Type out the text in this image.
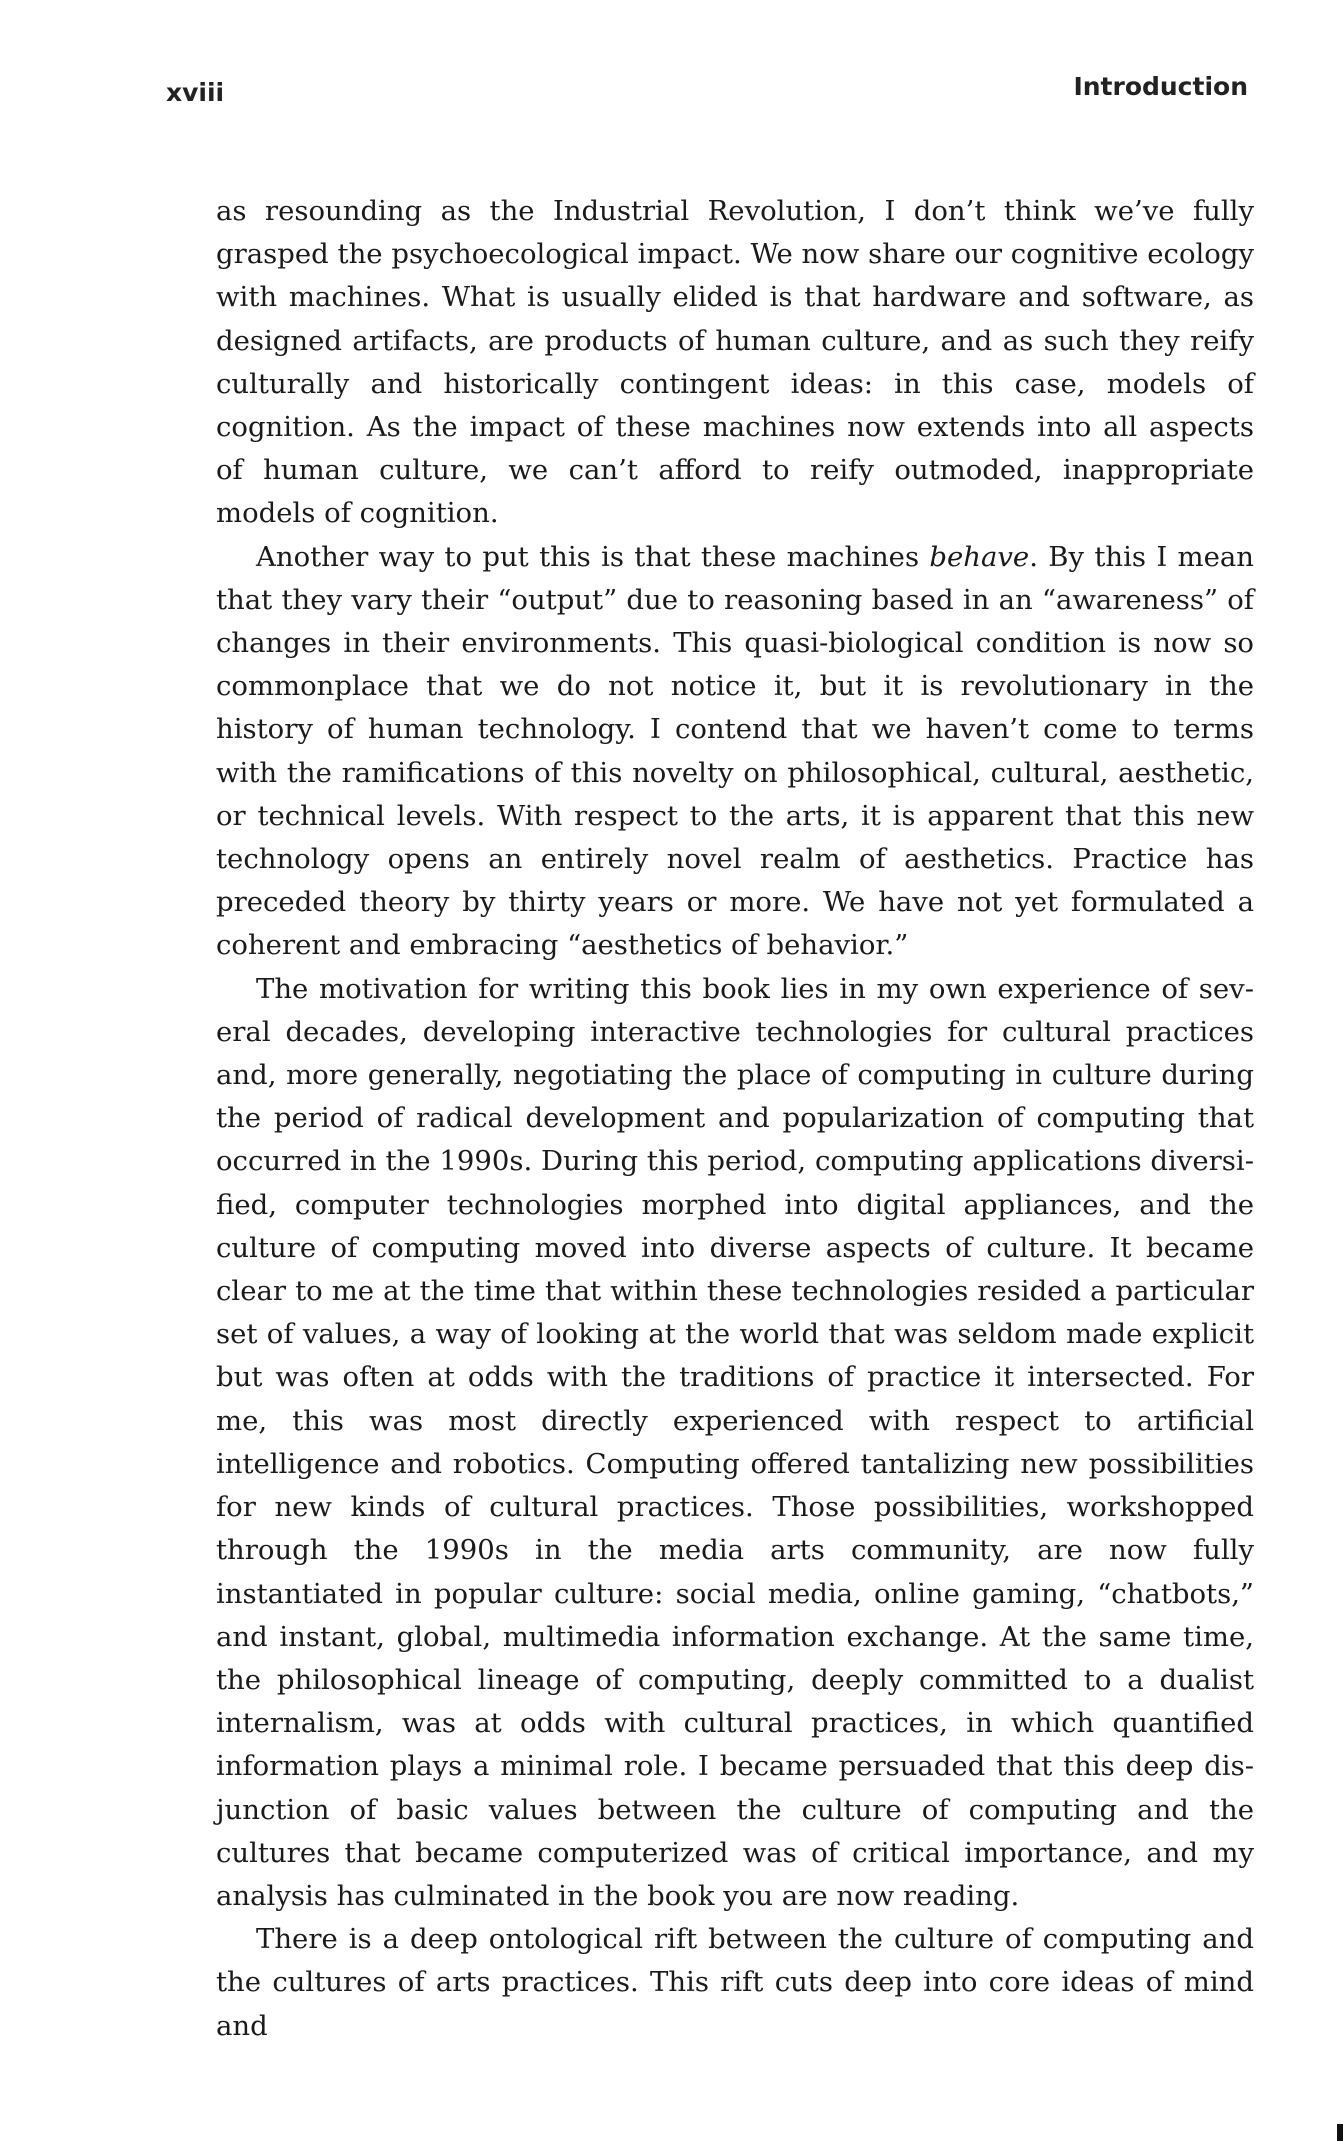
xviii	Introduction

as resounding as the Industrial Revolution, I don’t think we’ve fully grasped the psychoecological impact. We now share our cognitive ecology with machines. What is usually elided is that hardware and software, as designed artifacts, are products of human culture, and as such they reify culturally and historically contingent ideas: in this case, models of cognition. As the impact of these machines now extends into all aspects of human culture, we can’t afford to reify outmoded, inappropriate models of cognition.

Another way to put this is that these machines behave. By this I mean that they vary their “output” due to reasoning based in an “awareness” of changes in their environments. This quasi-biological condition is now so commonplace that we do not notice it, but it is revolutionary in the history of human technology. I contend that we haven’t come to terms with the ramifications of this novelty on philosophical, cultural, aesthetic, or technical levels. With respect to the arts, it is apparent that this new technology opens an entirely novel realm of aesthetics. Practice has preceded theory by thirty years or more. We have not yet formulated a coherent and embracing “aesthetics of behavior.”

The motivation for writing this book lies in my own experience of several decades, developing interactive technologies for cultural practices and, more generally, negotiating the place of computing in culture during the period of radical development and popularization of computing that occurred in the 1990s. During this period, computing applications diversified, computer technologies morphed into digital appliances, and the culture of computing moved into diverse aspects of culture. It became clear to me at the time that within these technologies resided a particular set of values, a way of looking at the world that was seldom made explicit but was often at odds with the traditions of practice it intersected. For me, this was most directly experienced with respect to artificial intelligence and robotics. Computing offered tantalizing new possibilities for new kinds of cultural practices. Those possibilities, workshopped through the 1990s in the media arts community, are now fully instantiated in popular culture: social media, online gaming, “chatbots,” and instant, global, multimedia information exchange. At the same time, the philosophical lineage of computing, deeply committed to a dualist internalism, was at odds with cultural practices, in which quantified information plays a minimal role. I became persuaded that this deep disjunction of basic values between the culture of computing and the cultures that became computerized was of critical importance, and my analysis has culminated in the book you are now reading.

There is a deep ontological rift between the culture of computing and the cultures of arts practices. This rift cuts deep into core ideas of mind and
